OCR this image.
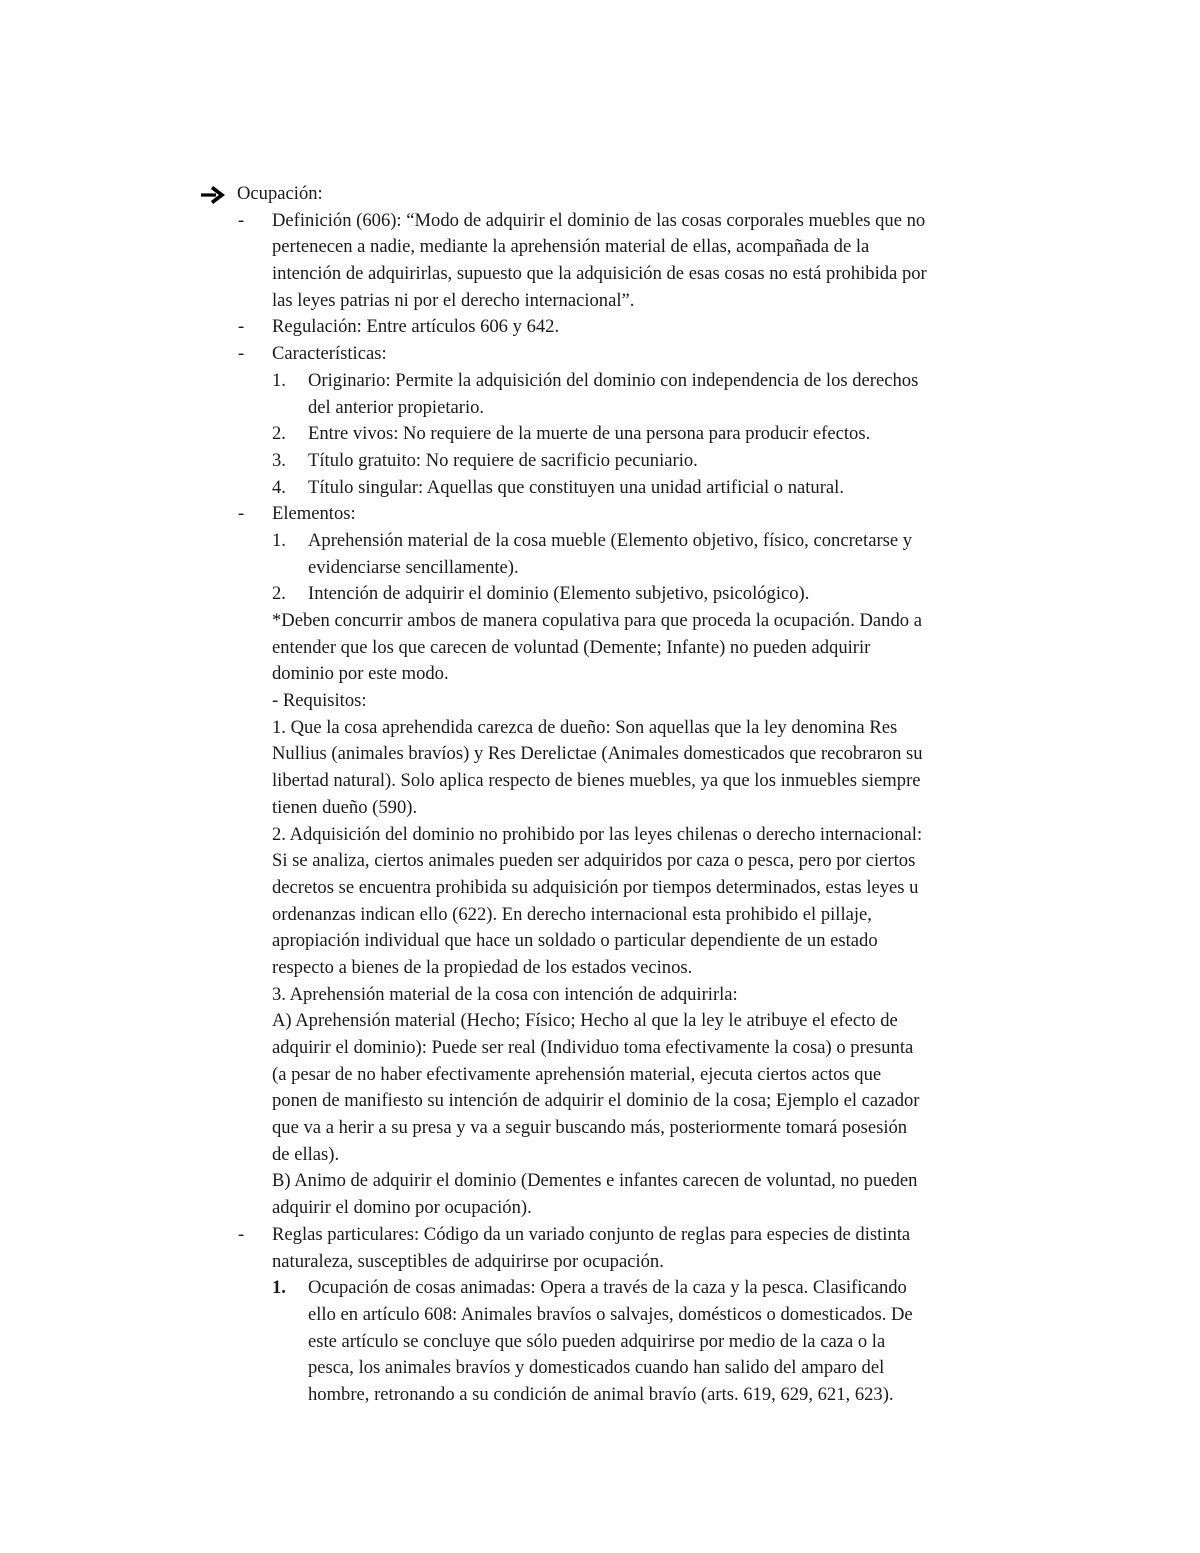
Ocupación:
- Definición (606): “Modo de adquirir el dominio de las cosas corporales muebles que no
pertenecen a nadie, mediante la aprehensión material de ellas, acompañada de la
intención de adquirirlas, supuesto que la adquisición de esas cosas no está prohibida por
las leyes patrias ni por el derecho internacional”.
- Regulación: Entre artículos 606 y 642.
- Características:
1. Originario: Permite la adquisición del dominio con independencia de los derechos
del anterior propietario.
2. Entre vivos: No requiere de la muerte de una persona para producir efectos.
3. Título gratuito: No requiere de sacrificio pecuniario.
4. Título singular: Aquellas que constituyen una unidad artificial o natural.
- Elementos:
1. Aprehensión material de la cosa mueble (Elemento objetivo, físico, concretarse y
evidenciarse sencillamente).
2. Intención de adquirir el dominio (Elemento subjetivo, psicológico).
*Deben concurrir ambos de manera copulativa para que proceda la ocupación. Dando a
entender que los que carecen de voluntad (Demente; Infante) no pueden adquirir
dominio por este modo.
- Requisitos:
1. Que la cosa aprehendida carezca de dueño: Son aquellas que la ley denomina Res
Nullius (animales bravíos) y Res Derelictae (Animales domesticados que recobraron su
libertad natural). Solo aplica respecto de bienes muebles, ya que los inmuebles siempre
tienen dueño (590).
2. Adquisición del dominio no prohibido por las leyes chilenas o derecho internacional:
Si se analiza, ciertos animales pueden ser adquiridos por caza o pesca, pero por ciertos
decretos se encuentra prohibida su adquisición por tiempos determinados, estas leyes u
ordenanzas indican ello (622). En derecho internacional esta prohibido el pillaje,
apropiación individual que hace un soldado o particular dependiente de un estado
respecto a bienes de la propiedad de los estados vecinos.
3. Aprehensión material de la cosa con intención de adquirirla:
A) Aprehensión material (Hecho; Físico; Hecho al que la ley le atribuye el efecto de
adquirir el dominio): Puede ser real (Individuo toma efectivamente la cosa) o presunta
(a pesar de no haber efectivamente aprehensión material, ejecuta ciertos actos que
ponen de manifiesto su intención de adquirir el dominio de la cosa; Ejemplo el cazador
que va a herir a su presa y va a seguir buscando más, posteriormente tomará posesión
de ellas).
B) Animo de adquirir el dominio (Dementes e infantes carecen de voluntad, no pueden
adquirir el domino por ocupación).
- Reglas particulares: Código da un variado conjunto de reglas para especies de distinta
naturaleza, susceptibles de adquirirse por ocupación.
1. Ocupación de cosas animadas: Opera a través de la caza y la pesca. Clasificando
ello en artículo 608: Animales bravíos o salvajes, domésticos o domesticados. De
este artículo se concluye que sólo pueden adquirirse por medio de la caza o la
pesca, los animales bravíos y domesticados cuando han salido del amparo del
hombre, retronando a su condición de animal bravío (arts. 619, 629, 621, 623).
